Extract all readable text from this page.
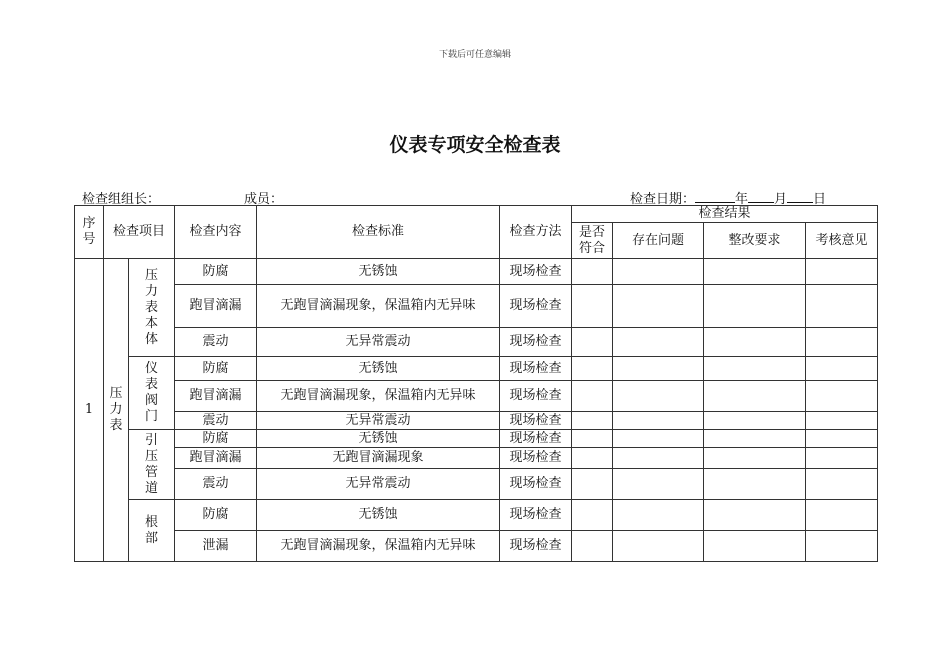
下载后可任意编辑
仪表专项安全检查表
检查组组长：	成员：	检查日期：	年 月 日
序号	检查项目		检查内容	检查标准	检查方法	检查结果			
						是否符合	存在问题	整改要求	考核意见
1	压力表	压力表本体	防腐	无锈蚀	现场检查				
			跑冒滴漏	无跑冒滴漏现象，保温箱内无异味	现场检查				
			震动	无异常震动	现场检查				
		仪表阀门	防腐	无锈蚀	现场检查				
			跑冒滴漏	无跑冒滴漏现象，保温箱内无异味	现场检查				
			震动	无异常震动	现场检查				
		引压管道	防腐	无锈蚀	现场检查				
			跑冒滴漏	无跑冒滴漏现象	现场检查				
			震动	无异常震动	现场检查				
		根部	防腐	无锈蚀	现场检查				
			泄漏	无跑冒滴漏现象，保温箱内无异味	现场检查				
